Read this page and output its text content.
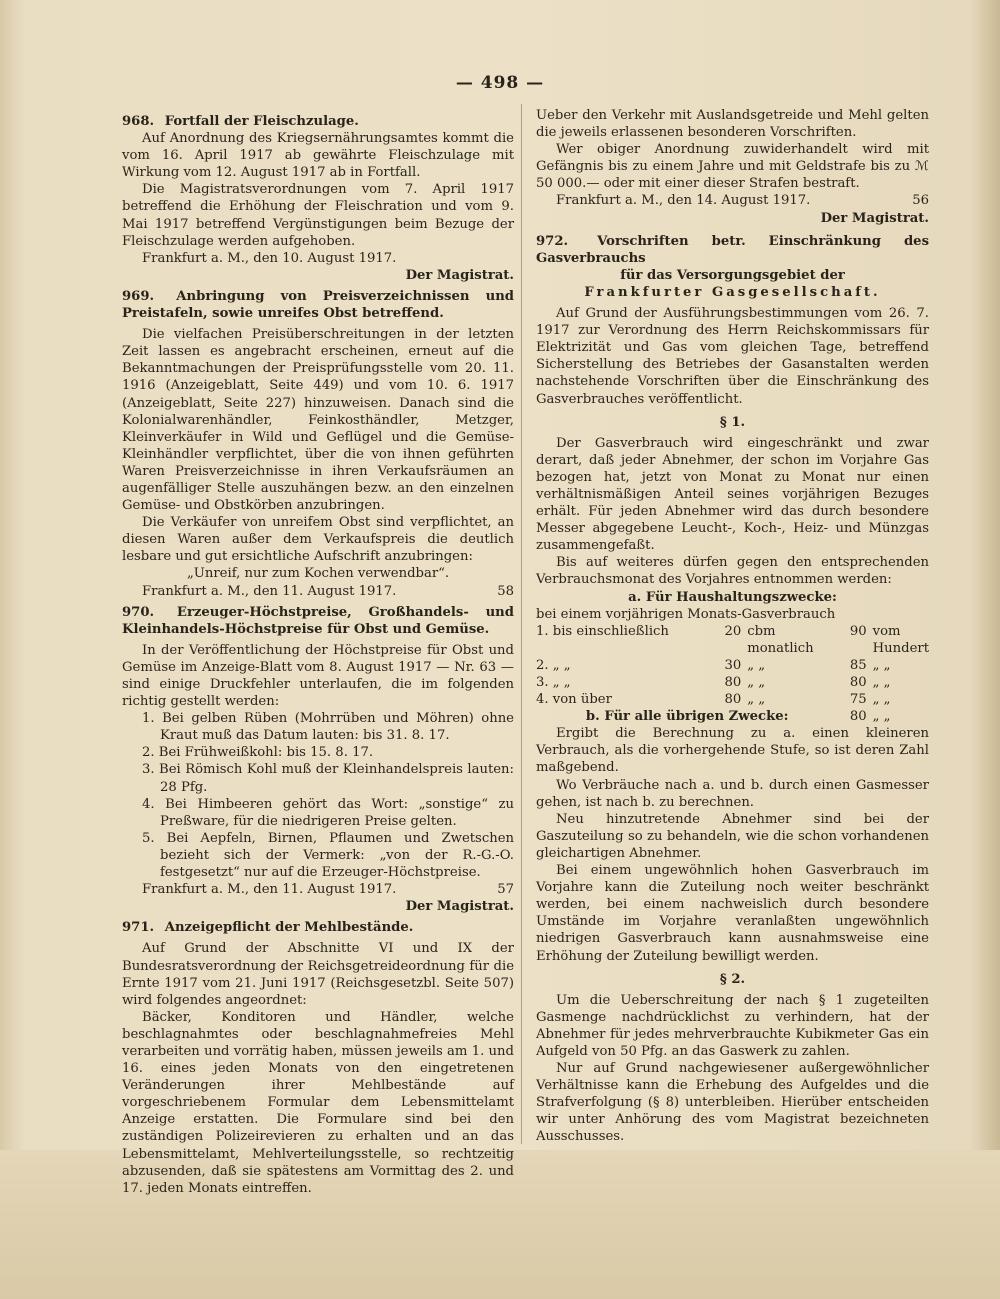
— 498 —

968. Fortfall der Fleischzulage.

Auf Anordnung des Kriegsernährungsamtes kommt die vom 16. April 1917 ab gewährte Fleischzulage mit Wirkung vom 12. August 1917 ab in Fortfall.

Die Magistratsverordnungen vom 7. April 1917 betreffend die Erhöhung der Fleischration und vom 9. Mai 1917 betreffend Vergünstigungen beim Bezuge der Fleischzulage werden aufgehoben.

Frankfurt a. M., den 10. August 1917.

Der Magistrat.

969. Anbringung von Preisverzeichnissen und Preistafeln, sowie unreifes Obst betreffend.

Die vielfachen Preisüberschreitungen in der letzten Zeit lassen es angebracht erscheinen, erneut auf die Bekanntmachungen der Preisprüfungsstelle vom 20. 11. 1916 (Anzeigeblatt, Seite 449) und vom 10. 6. 1917 (Anzeigeblatt, Seite 227) hinzuweisen. Danach sind die Kolonialwarenhändler, Feinkosthändler, Metzger, Kleinverkäufer in Wild und Geflügel und die Gemüse-Kleinhändler verpflichtet, über die von ihnen geführten Waren Preisverzeichnisse in ihren Verkaufsräumen an augenfälliger Stelle auszuhängen bezw. an den einzelnen Gemüse- und Obstkörben anzubringen.

Die Verkäufer von unreifem Obst sind verpflichtet, an diesen Waren außer dem Verkaufspreis die deutlich lesbare und gut ersichtliche Aufschrift anzubringen:

„Unreif, nur zum Kochen verwendbar“.

Frankfurt a. M., den 11. August 1917.	58

970. Erzeuger-Höchstpreise, Großhandels- und Kleinhandels-Höchstpreise für Obst und Gemüse.

In der Veröffentlichung der Höchstpreise für Obst und Gemüse im Anzeige-Blatt vom 8. August 1917 — Nr. 63 — sind einige Druckfehler unterlaufen, die im folgenden richtig gestellt werden:

1. Bei gelben Rüben (Mohrrüben und Möhren) ohne Kraut muß das Datum lauten: bis 31. 8. 17.

2. Bei Frühweißkohl: bis 15. 8. 17.

3. Bei Römisch Kohl muß der Kleinhandelspreis lauten: 28 Pfg.

4. Bei Himbeeren gehört das Wort: „sonstige“ zu Preßware, für die niedrigeren Preise gelten.

5. Bei Aepfeln, Birnen, Pflaumen und Zwetschen bezieht sich der Vermerk: „von der R.-G.-O. festgesetzt“ nur auf die Erzeuger-Höchstpreise.

Frankfurt a. M., den 11. August 1917.	57

Der Magistrat.

971. Anzeigepflicht der Mehlbestände.

Auf Grund der Abschnitte VI und IX der Bundesratsverordnung der Reichsgetreideordnung für die Ernte 1917 vom 21. Juni 1917 (Reichsgesetzbl. Seite 507) wird folgendes angeordnet:

Bäcker, Konditoren und Händler, welche beschlagnahmtes oder beschlagnahmefreies Mehl verarbeiten und vorrätig haben, müssen jeweils am 1. und 16. eines jeden Monats von den eingetretenen Veränderungen ihrer Mehlbestände auf vorgeschriebenem Formular dem Lebensmittelamt Anzeige erstatten. Die Formulare sind bei den zuständigen Polizeirevieren zu erhalten und an das Lebensmittelamt, Mehlverteilungsstelle, so rechtzeitig abzusenden, daß sie spätestens am Vormittag des 2. und 17. jeden Monats eintreffen.

Ueber den Verkehr mit Auslandsgetreide und Mehl gelten die jeweils erlassenen besonderen Vorschriften.

Wer obiger Anordnung zuwiderhandelt wird mit Gefängnis bis zu einem Jahre und mit Geldstrafe bis zu ℳ 50 000.— oder mit einer dieser Strafen bestraft.

Frankfurt a. M., den 14. August 1917.	56

Der Magistrat.

972. Vorschriften betr. Einschränkung des Gasverbrauchs

für das Versorgungsgebiet der

Frankfurter Gasgesellschaft.

Auf Grund der Ausführungsbestimmungen vom 26. 7. 1917 zur Verordnung des Herrn Reichskommissars für Elektrizität und Gas vom gleichen Tage, betreffend Sicherstellung des Betriebes der Gasanstalten werden nachstehende Vorschriften über die Einschränkung des Gasverbrauches veröffentlicht.

§ 1.

Der Gasverbrauch wird eingeschränkt und zwar derart, daß jeder Abnehmer, der schon im Vorjahre Gas bezogen hat, jetzt von Monat zu Monat nur einen verhältnismäßigen Anteil seines vorjährigen Bezuges erhält. Für jeden Abnehmer wird das durch besondere Messer abgegebene Leucht-, Koch-, Heiz- und Münzgas zusammengefaßt.

Bis auf weiteres dürfen gegen den entsprechenden Verbrauchsmonat des Vorjahres entnommen werden:

a. Für Haushaltungszwecke:

bei einem vorjährigen Monats-Gasverbrauch

1. bis einschließlich	20	cbm monatlich	90	vom Hundert
2. „ „	30	„ „	85	„ „
3. „ „	80	„ „	80	„ „
4. von über	80	„ „	75	„ „
b. Für alle übrigen Zwecke:			80	„ „

Ergibt die Berechnung zu a. einen kleineren Verbrauch, als die vorhergehende Stufe, so ist deren Zahl maßgebend.

Wo Verbräuche nach a. und b. durch einen Gasmesser gehen, ist nach b. zu berechnen.

Neu hinzutretende Abnehmer sind bei der Gaszuteilung so zu behandeln, wie die schon vorhandenen gleichartigen Abnehmer.

Bei einem ungewöhnlich hohen Gasverbrauch im Vorjahre kann die Zuteilung noch weiter beschränkt werden, bei einem nachweislich durch besondere Umstände im Vorjahre veranlaßten ungewöhnlich niedrigen Gasverbrauch kann ausnahmsweise eine Erhöhung der Zuteilung bewilligt werden.

§ 2.

Um die Ueberschreitung der nach § 1 zugeteilten Gasmenge nachdrücklichst zu verhindern, hat der Abnehmer für jedes mehrverbrauchte Kubikmeter Gas ein Aufgeld von 50 Pfg. an das Gaswerk zu zahlen.

Nur auf Grund nachgewiesener außergewöhnlicher Verhältnisse kann die Erhebung des Aufgeldes und die Strafverfolgung (§ 8) unterbleiben. Hierüber entscheiden wir unter Anhörung des vom Magistrat bezeichneten Ausschusses.
